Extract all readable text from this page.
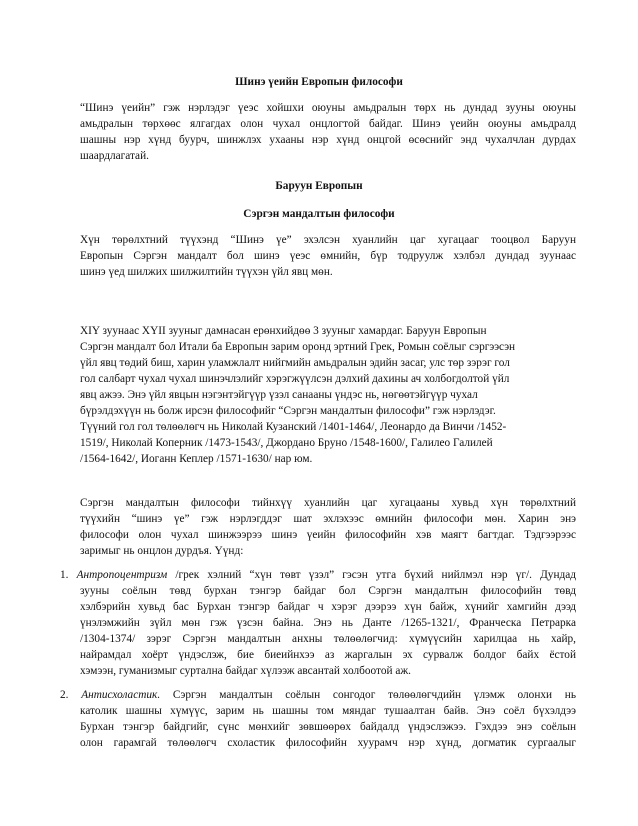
Шинэ үеийн Европын философи
“Шинэ үеийн” гэж нэрлэдэг үеэс хойшхи оюуны амьдралын төрх нь дундад зууны оюуны
амьдралын төрхөөс ялгагдах олон чухал онцлогтой байдаг. Шинэ үеийн оюуны амьдралд
шашны нэр хүнд буурч, шинжлэх ухааны нэр хүнд онцгой өсөснийг энд чухалчлан дурдах
шаардлагатай.
Баруун Европын
Сэргэн мандалтын философи
Хүн төрөлхтний түүхэнд “Шинэ үе” эхэлсэн хуанлийн цаг хугацааг тооцвол Баруун
Европын Сэргэн мандалт бол шинэ үеэс өмнийн, бүр тодруулж хэлбэл дундад зуунаас
шинэ үед шилжих шилжилтийн түүхэн үйл явц мөн.
XIY зуунаас XYII зууныг дамнасан ерөнхийдөө 3 зууныг хамардаг. Баруун Европын
Сэргэн мандалт бол Итали ба Европын зарим оронд эртний Грек, Ромын соёлыг сэргээсэн
үйл явц төдий биш, харин уламжлалт нийгмийн амьдралын эдийн засаг, улс төр зэрэг гол
гол салбарт чухал чухал шинэчлэлийг хэрэгжүүлсэн дэлхий дахины ач холбогдолтой үйл
явц ажээ. Энэ үйл явцын нэгэнтэйгүүр үзэл санааны үндэс нь, нөгөөтэйгүүр чухал
бүрэлдэхүүн нь болж ирсэн философийг “Сэргэн мандалтын философи” гэж нэрлэдэг.
Түүний гол гол төлөөлөгч нь Николай Кузанский /1401-1464/, Леонардо да Винчи /1452-
1519/, Николай Коперник /1473-1543/, Джордано Бруно /1548-1600/, Галилео Галилей
/1564-1642/, Иоганн Кеплер /1571-1630/ нар юм.
Сэргэн мандалтын философи тийнхүү хуанлийн цаг хугацааны хувьд хүн төрөлхтний
түүхийн “шинэ үе” гэж нэрлэгддэг шат эхлэхээс өмнийн философи мөн. Харин энэ
философи олон чухал шинжээрээ шинэ үеийн философийн хэв маягт багтдаг. Тэдгээрээс
заримыг нь онцлон дурдъя. Үүнд:
1. Антропоцентризм /грек хэлний “хүн төвт үзэл” гэсэн утга бүхий нийлмэл нэр үг/. Дундад
зууны соёлын төвд бурхан тэнгэр байдаг бол Сэргэн мандалтын философийн төвд
хэлбэрийн хувьд бас Бурхан тэнгэр байдаг ч хэрэг дээрээ хүн байж, хүнийг хамгийн дээд
үнэлэмжийн зүйл мөн гэж үзсэн байна. Энэ нь Данте /1265-1321/, Франческа Петрарка
/1304-1374/ зэрэг Сэргэн мандалтын анхны төлөөлөгчид: хүмүүсийн харилцаа нь хайр,
найрамдал хоёрт үндэслэж, бие биеийнхээ аз жаргалын эх сурвалж болдог байх ёстой
хэмээн, гуманизмыг суртална байдаг хүлээж авсантай холбоотой аж.
2. Антисхоластик. Сэргэн мандалтын соёлын сонгодог төлөөлөгчдийн үлэмж олонхи нь
католик шашны хүмүүс, зарим нь шашны том мяндаг тушаалтан байв. Энэ соёл бүхэлдээ
Бурхан тэнгэр байдгийг, сүнс мөнхийг зөвшөөрөх байдалд үндэслэжээ. Гэхдээ энэ соёлын
олон гарамгай төлөөлөгч схоластик философийн хуурамч нэр хүнд, догматик сургаалыг
